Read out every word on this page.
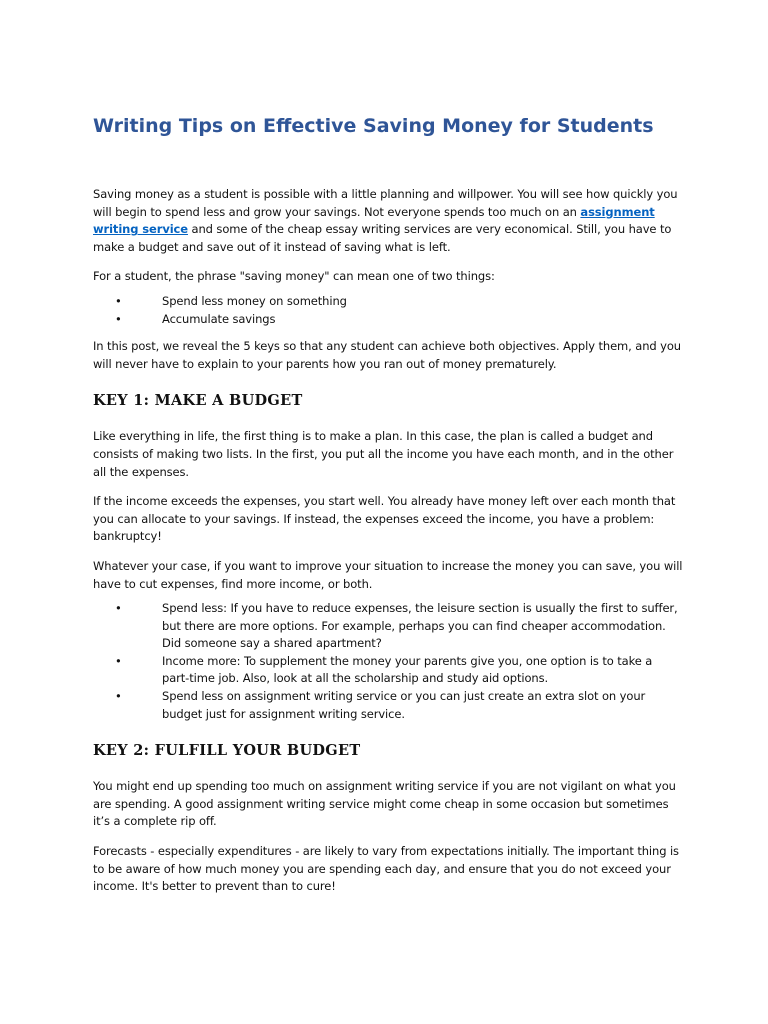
Writing Tips on Effective Saving Money for Students

Saving money as a student is possible with a little planning and willpower. You will see how quickly you will begin to spend less and grow your savings. Not everyone spends too much on an assignment writing service and some of the cheap essay writing services are very economical. Still, you have to make a budget and save out of it instead of saving what is left.

For a student, the phrase "saving money" can mean one of two things:

•	Spend less money on something
•	Accumulate savings

In this post, we reveal the 5 keys so that any student can achieve both objectives. Apply them, and you will never have to explain to your parents how you ran out of money prematurely.

KEY 1: MAKE A BUDGET

Like everything in life, the first thing is to make a plan. In this case, the plan is called a budget and consists of making two lists. In the first, you put all the income you have each month, and in the other all the expenses.

If the income exceeds the expenses, you start well. You already have money left over each month that you can allocate to your savings. If instead, the expenses exceed the income, you have a problem: bankruptcy!

Whatever your case, if you want to improve your situation to increase the money you can save, you will have to cut expenses, find more income, or both.

•	Spend less: If you have to reduce expenses, the leisure section is usually the first to suffer, but there are more options. For example, perhaps you can find cheaper accommodation. Did someone say a shared apartment?
•	Income more: To supplement the money your parents give you, one option is to take a part-time job. Also, look at all the scholarship and study aid options.
•	Spend less on assignment writing service or you can just create an extra slot on your budget just for assignment writing service.
KEY 2: FULFILL YOUR BUDGET

You might end up spending too much on assignment writing service if you are not vigilant on what you are spending. A good assignment writing service might come cheap in some occasion but sometimes it’s a complete rip off.

Forecasts - especially expenditures - are likely to vary from expectations initially. The important thing is to be aware of how much money you are spending each day, and ensure that you do not exceed your income. It's better to prevent than to cure!
